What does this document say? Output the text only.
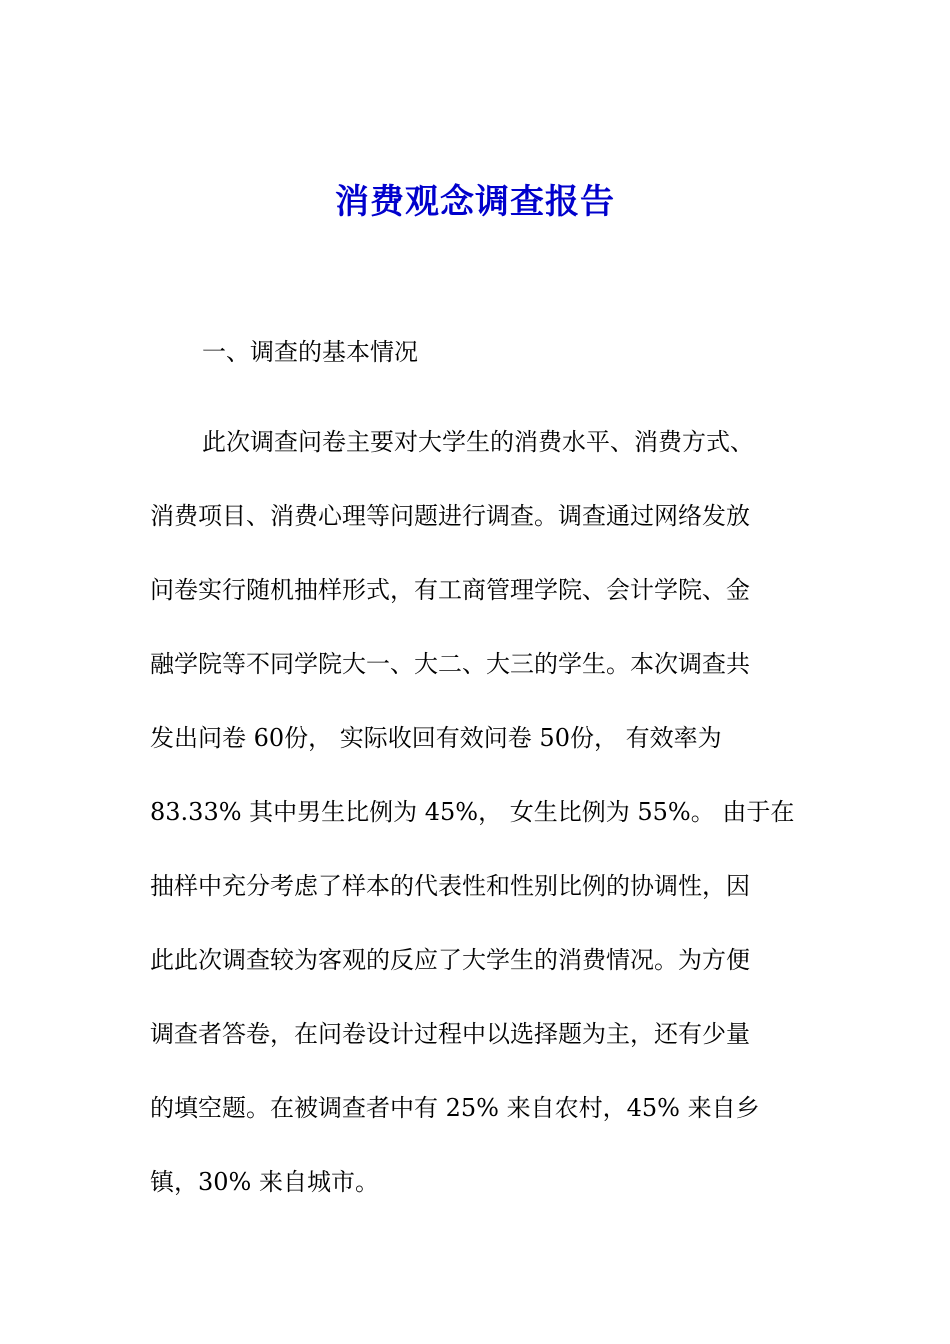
消费观念调查报告

一、调查的基本情况

此次调查问卷主要对大学生的消费水平、消费方式、
消费项目、消费心理等问题进行调查。调查通过网络发放
问卷实行随机抽样形式，有工商管理学院、会计学院、金
融学院等不同学院大一、大二、大三的学生。本次调查共
发出问卷 60份， 实际收回有效问卷 50份， 有效率为
83.33% 其中男生比例为 45%， 女生比例为 55%。 由于在
抽样中充分考虑了样本的代表性和性别比例的协调性，因
此此次调查较为客观的反应了大学生的消费情况。为方便
调查者答卷，在问卷设计过程中以选择题为主，还有少量
的填空题。在被调查者中有 25% 来自农村，45% 来自乡
镇，30% 来自城市。
